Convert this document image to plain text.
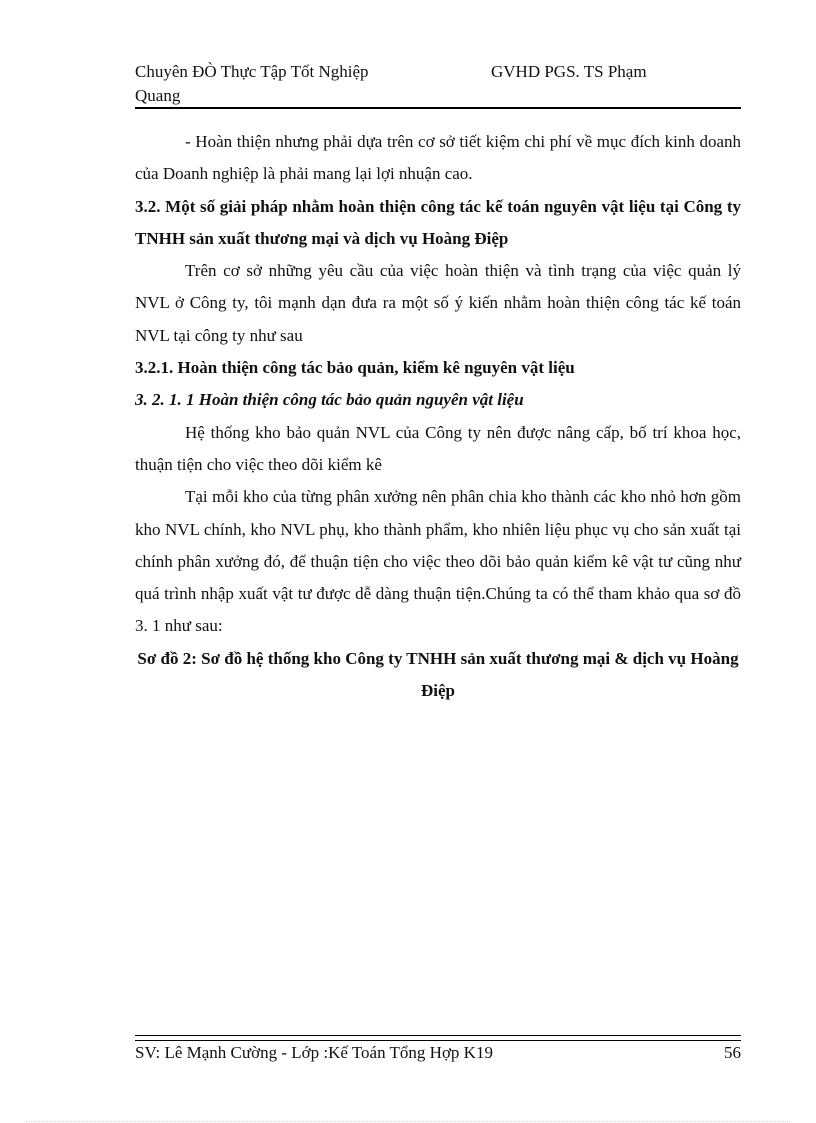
Chuyên ĐÒ Thực Tập Tốt Nghiệp	GVHD PGS. TS Phạm
Quang

- Hoàn thiện nhưng phải dựa trên cơ sở tiết kiệm chi phí về mục đích kinh doanh của Doanh nghiệp là phải mang lại lợi nhuận cao.

3.2. Một số giải pháp nhằm hoàn thiện công tác kế toán nguyên vật liệu tại Công ty TNHH sản xuất thương mại và dịch vụ Hoàng Điệp

Trên cơ sở những yêu cầu của việc hoàn thiện và tình trạng của việc quản lý NVL ở Công ty, tôi mạnh dạn đưa ra một số ý kiến nhằm hoàn thiện công tác kế toán NVL tại công ty như sau

3.2.1. Hoàn thiện công tác bảo quản, kiểm kê nguyên vật liệu

3. 2. 1. 1 Hoàn thiện công tác bảo quản nguyên vật liệu

Hệ thống kho bảo quản NVL của Công ty nên được nâng cấp, bố trí khoa học, thuận tiện cho việc theo dõi kiểm kê

Tại mỗi kho của từng phân xưởng nên phân chia kho thành các kho nhỏ hơn gồm kho NVL chính, kho NVL phụ, kho thành phẩm, kho nhiên liệu phục vụ cho sản xuất tại chính phân xưởng đó, để thuận tiện cho việc theo dõi bảo quản kiểm kê vật tư cũng như quá trình nhập xuất vật tư được dễ dàng thuận tiện.Chúng ta có thể tham khảo qua sơ đồ 3. 1 như sau:

Sơ đồ 2: Sơ đồ hệ thống kho Công ty TNHH sản xuất thương mại & dịch vụ Hoàng Điệp

SV: Lê Mạnh Cường - Lớp :Kế Toán Tổng Hợp K19	56
